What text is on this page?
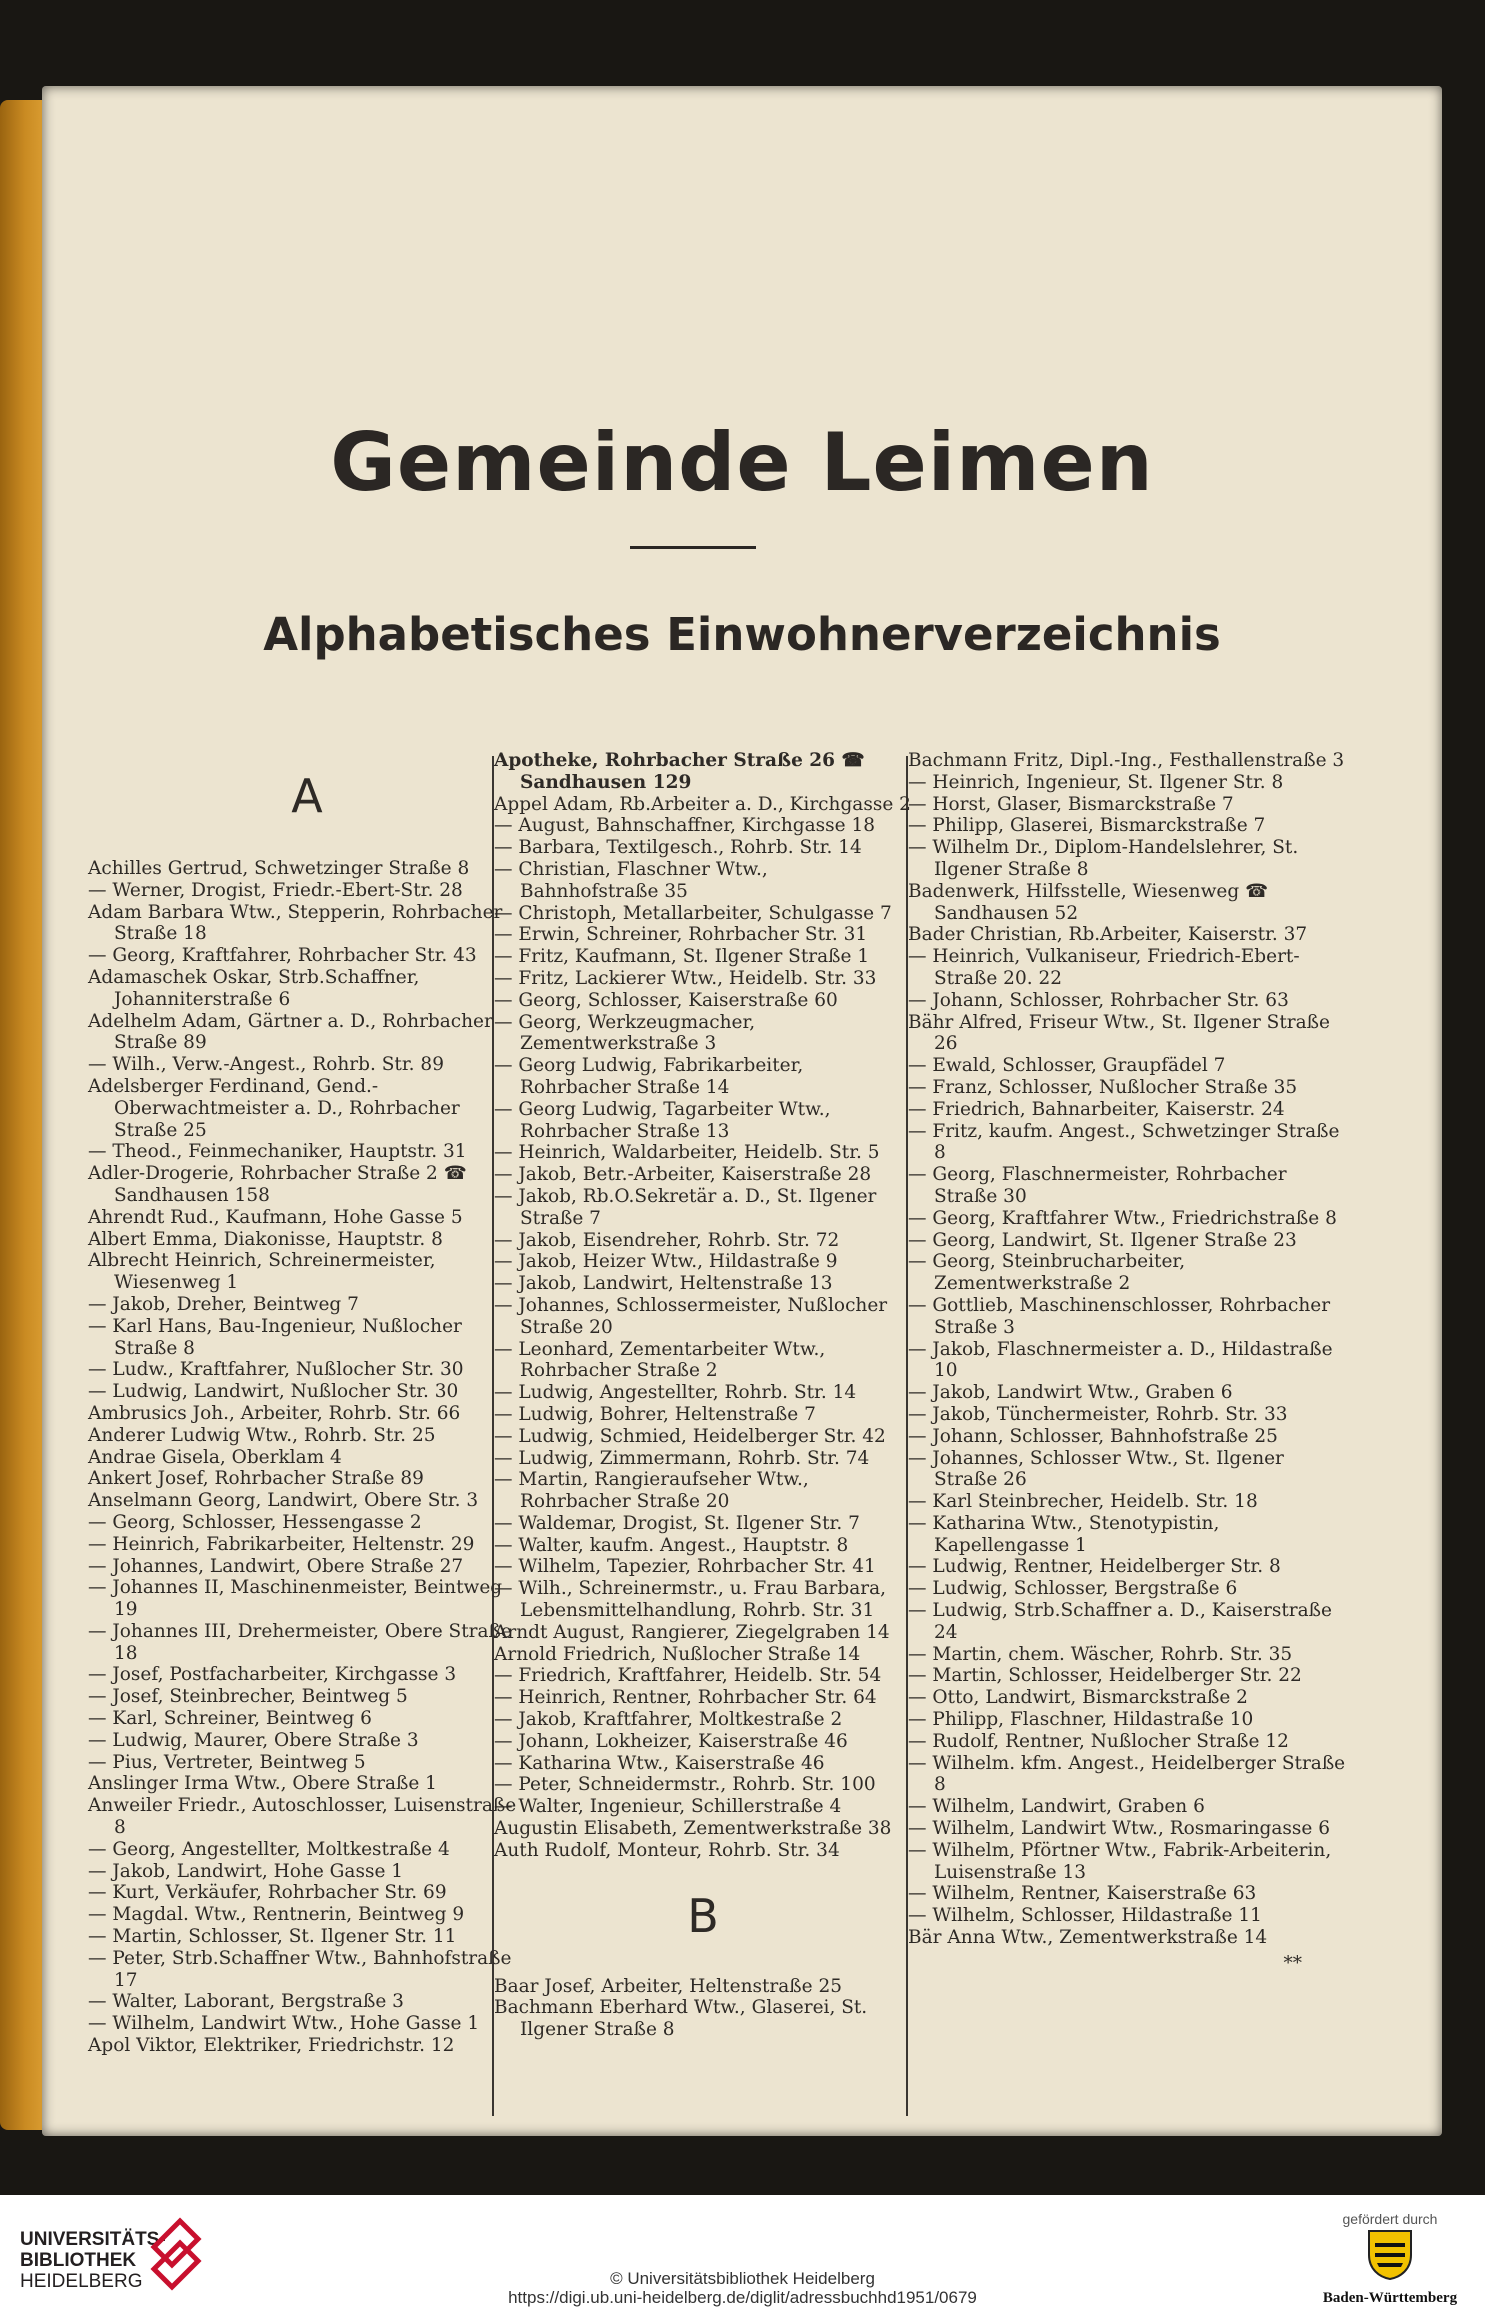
Gemeinde Leimen
Alphabetisches Einwohnerverzeichnis
A

Achilles Gertrud, Schwetzinger Straße 8

— Werner, Drogist, Friedr.-Ebert-Str. 28

Adam Barbara Wtw., Stepperin, Rohrbacher Straße 18

— Georg, Kraftfahrer, Rohrbacher Str. 43

Adamaschek Oskar, Strb.Schaffner, Johanniterstraße 6

Adelhelm Adam, Gärtner a. D., Rohrbacher Straße 89

— Wilh., Verw.-Angest., Rohrb. Str. 89

Adelsberger Ferdinand, Gend.-Oberwachtmeister a. D., Rohrbacher Straße 25

— Theod., Feinmechaniker, Hauptstr. 31

Adler-Drogerie, Rohrbacher Straße 2 ☎ Sandhausen 158

Ahrendt Rud., Kaufmann, Hohe Gasse 5

Albert Emma, Diakonisse, Hauptstr. 8

Albrecht Heinrich, Schreinermeister, Wiesenweg 1

— Jakob, Dreher, Beintweg 7

— Karl Hans, Bau-Ingenieur, Nußlocher Straße 8

— Ludw., Kraftfahrer, Nußlocher Str. 30

— Ludwig, Landwirt, Nußlocher Str. 30

Ambrusics Joh., Arbeiter, Rohrb. Str. 66

Anderer Ludwig Wtw., Rohrb. Str. 25

Andrae Gisela, Oberklam 4

Ankert Josef, Rohrbacher Straße 89

Anselmann Georg, Landwirt, Obere Str. 3

— Georg, Schlosser, Hessengasse 2

— Heinrich, Fabrikarbeiter, Heltenstr. 29

— Johannes, Landwirt, Obere Straße 27

— Johannes II, Maschinenmeister, Beintweg 19

— Johannes III, Drehermeister, Obere Straße 18

— Josef, Postfacharbeiter, Kirchgasse 3

— Josef, Steinbrecher, Beintweg 5

— Karl, Schreiner, Beintweg 6

— Ludwig, Maurer, Obere Straße 3

— Pius, Vertreter, Beintweg 5

Anslinger Irma Wtw., Obere Straße 1

Anweiler Friedr., Autoschlosser, Luisenstraße 8

— Georg, Angestellter, Moltkestraße 4

— Jakob, Landwirt, Hohe Gasse 1

— Kurt, Verkäufer, Rohrbacher Str. 69

— Magdal. Wtw., Rentnerin, Beintweg 9

— Martin, Schlosser, St. Ilgener Str. 11

— Peter, Strb.Schaffner Wtw., Bahnhofstraße 17

— Walter, Laborant, Bergstraße 3

— Wilhelm, Landwirt Wtw., Hohe Gasse 1

Apol Viktor, Elektriker, Friedrichstr. 12

Apotheke, Rohrbacher Straße 26 ☎ Sandhausen 129

Appel Adam, Rb.Arbeiter a. D., Kirchgasse 2

— August, Bahnschaffner, Kirchgasse 18

— Barbara, Textilgesch., Rohrb. Str. 14

— Christian, Flaschner Wtw., Bahnhofstraße 35

— Christoph, Metallarbeiter, Schulgasse 7

— Erwin, Schreiner, Rohrbacher Str. 31

— Fritz, Kaufmann, St. Ilgener Straße 1

— Fritz, Lackierer Wtw., Heidelb. Str. 33

— Georg, Schlosser, Kaiserstraße 60

— Georg, Werkzeugmacher, Zementwerkstraße 3

— Georg Ludwig, Fabrikarbeiter, Rohrbacher Straße 14

— Georg Ludwig, Tagarbeiter Wtw., Rohrbacher Straße 13

— Heinrich, Waldarbeiter, Heidelb. Str. 5

— Jakob, Betr.-Arbeiter, Kaiserstraße 28

— Jakob, Rb.O.Sekretär a. D., St. Ilgener Straße 7

— Jakob, Eisendreher, Rohrb. Str. 72

— Jakob, Heizer Wtw., Hildastraße 9

— Jakob, Landwirt, Heltenstraße 13

— Johannes, Schlossermeister, Nußlocher Straße 20

— Leonhard, Zementarbeiter Wtw., Rohrbacher Straße 2

— Ludwig, Angestellter, Rohrb. Str. 14

— Ludwig, Bohrer, Heltenstraße 7

— Ludwig, Schmied, Heidelberger Str. 42

— Ludwig, Zimmermann, Rohrb. Str. 74

— Martin, Rangieraufseher Wtw., Rohrbacher Straße 20

— Waldemar, Drogist, St. Ilgener Str. 7

— Walter, kaufm. Angest., Hauptstr. 8

— Wilhelm, Tapezier, Rohrbacher Str. 41

— Wilh., Schreinermstr., u. Frau Barbara, Lebensmittelhandlung, Rohrb. Str. 31

Arndt August, Rangierer, Ziegelgraben 14

Arnold Friedrich, Nußlocher Straße 14

— Friedrich, Kraftfahrer, Heidelb. Str. 54

— Heinrich, Rentner, Rohrbacher Str. 64

— Jakob, Kraftfahrer, Moltkestraße 2

— Johann, Lokheizer, Kaiserstraße 46

— Katharina Wtw., Kaiserstraße 46

— Peter, Schneidermstr., Rohrb. Str. 100

— Walter, Ingenieur, Schillerstraße 4

Augustin Elisabeth, Zementwerkstraße 38

Auth Rudolf, Monteur, Rohrb. Str. 34

B

Baar Josef, Arbeiter, Heltenstraße 25

Bachmann Eberhard Wtw., Glaserei, St. Ilgener Straße 8

Bachmann Fritz, Dipl.-Ing., Festhallenstraße 3

— Heinrich, Ingenieur, St. Ilgener Str. 8

— Horst, Glaser, Bismarckstraße 7

— Philipp, Glaserei, Bismarckstraße 7

— Wilhelm Dr., Diplom-Handelslehrer, St. Ilgener Straße 8

Badenwerk, Hilfsstelle, Wiesenweg ☎ Sandhausen 52

Bader Christian, Rb.Arbeiter, Kaiserstr. 37

— Heinrich, Vulkaniseur, Friedrich-Ebert-Straße 20. 22

— Johann, Schlosser, Rohrbacher Str. 63

Bähr Alfred, Friseur Wtw., St. Ilgener Straße 26

— Ewald, Schlosser, Graupfädel 7

— Franz, Schlosser, Nußlocher Straße 35

— Friedrich, Bahnarbeiter, Kaiserstr. 24

— Fritz, kaufm. Angest., Schwetzinger Straße 8

— Georg, Flaschnermeister, Rohrbacher Straße 30

— Georg, Kraftfahrer Wtw., Friedrichstraße 8

— Georg, Landwirt, St. Ilgener Straße 23

— Georg, Steinbrucharbeiter, Zementwerkstraße 2

— Gottlieb, Maschinenschlosser, Rohrbacher Straße 3

— Jakob, Flaschnermeister a. D., Hildastraße 10

— Jakob, Landwirt Wtw., Graben 6

— Jakob, Tünchermeister, Rohrb. Str. 33

— Johann, Schlosser, Bahnhofstraße 25

— Johannes, Schlosser Wtw., St. Ilgener Straße 26

— Karl Steinbrecher, Heidelb. Str. 18

— Katharina Wtw., Stenotypistin, Kapellengasse 1

— Ludwig, Rentner, Heidelberger Str. 8

— Ludwig, Schlosser, Bergstraße 6

— Ludwig, Strb.Schaffner a. D., Kaiserstraße 24

— Martin, chem. Wäscher, Rohrb. Str. 35

— Martin, Schlosser, Heidelberger Str. 22

— Otto, Landwirt, Bismarckstraße 2

— Philipp, Flaschner, Hildastraße 10

— Rudolf, Rentner, Nußlocher Straße 12

— Wilhelm. kfm. Angest., Heidelberger Straße 8

— Wilhelm, Landwirt, Graben 6

— Wilhelm, Landwirt Wtw., Rosmaringasse 6

— Wilhelm, Pförtner Wtw., Fabrik-Arbeiterin, Luisenstraße 13

— Wilhelm, Rentner, Kaiserstraße 63

— Wilhelm, Schlosser, Hildastraße 11

Bär Anna Wtw., Zementwerkstraße 14

**
UNIVERSITÄTS-
BIBLIOTHEK
HEIDELBERG	© Universitätsbibliothek Heidelberg
https://digi.ub.uni-heidelberg.de/diglit/adressbuchhd1951/0679
gefördert durch
Baden-Württemberg
